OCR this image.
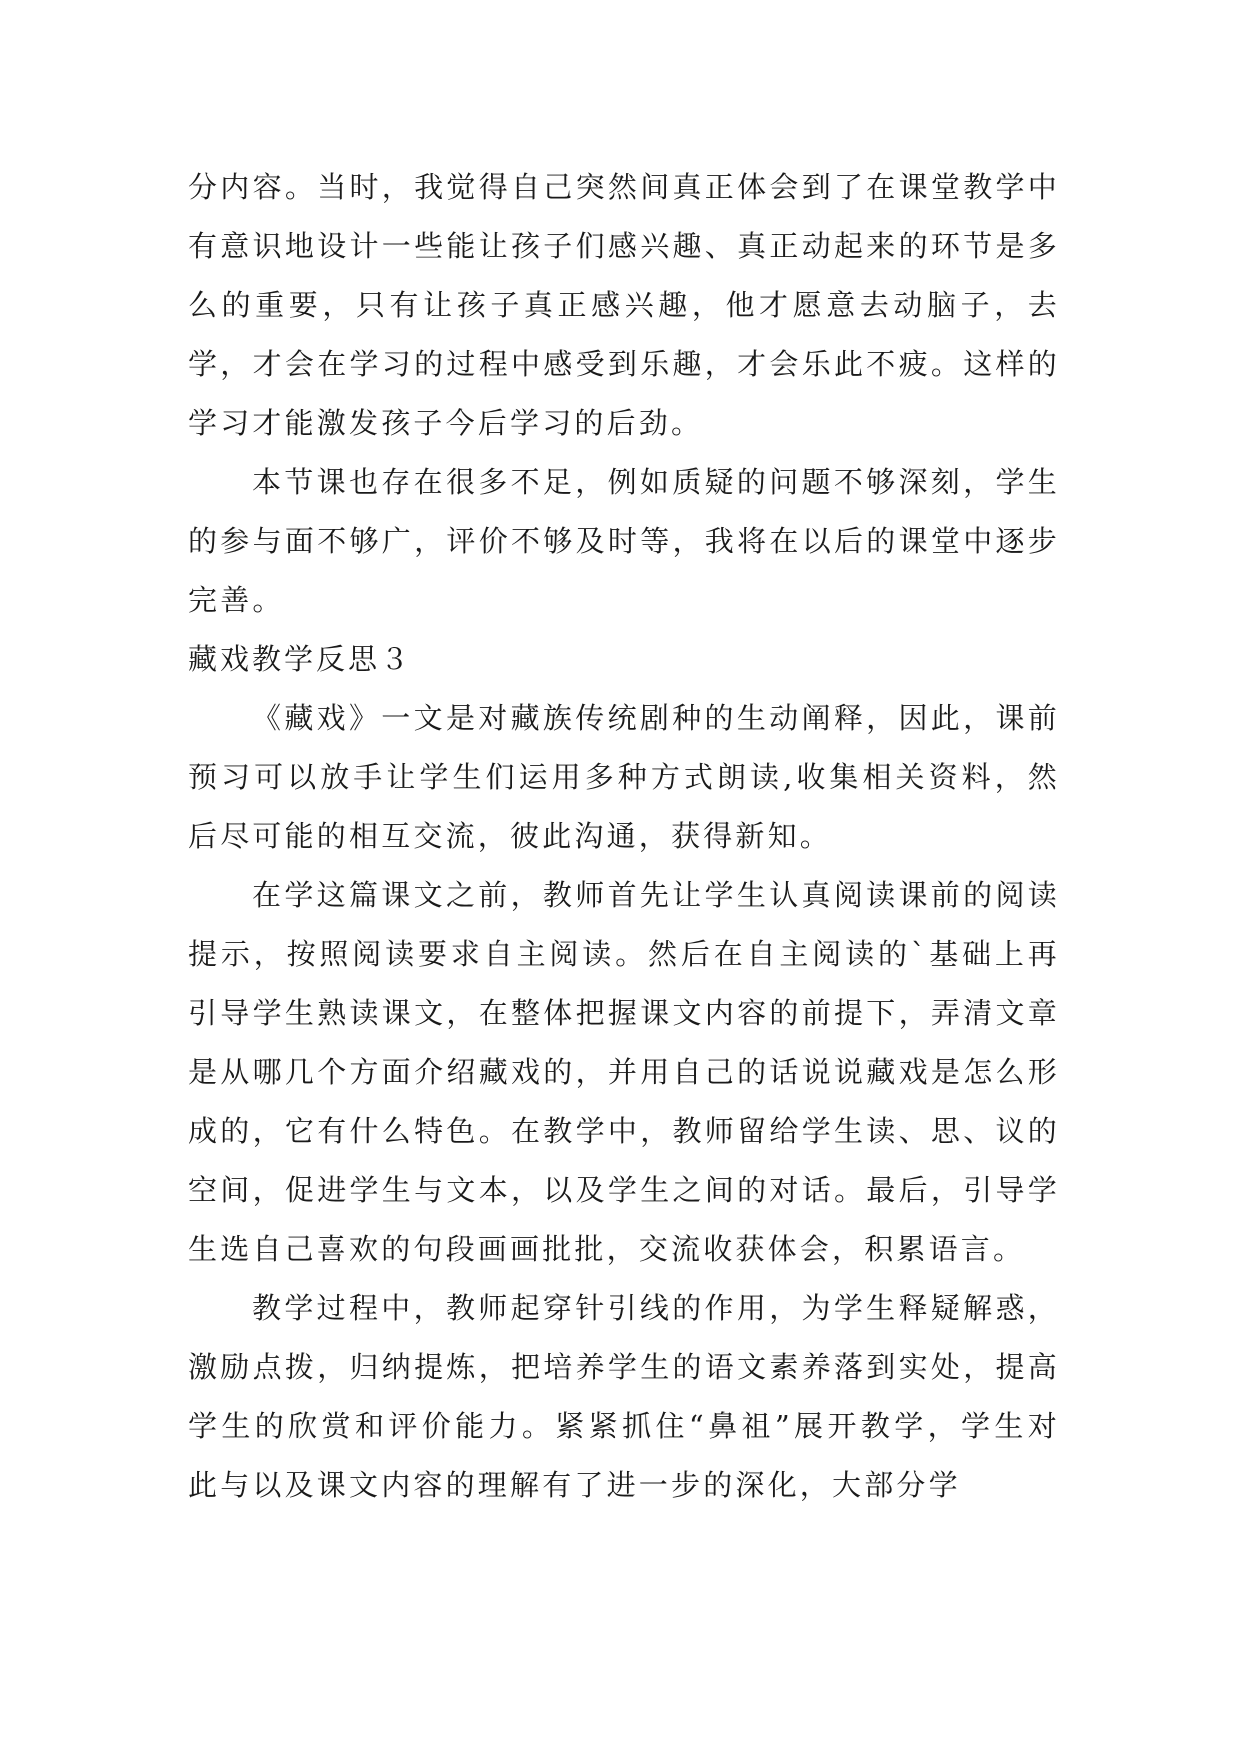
分内容。当时，我觉得自己突然间真正体会到了在课堂教学中有意识地设计一些能让孩子们感兴趣、真正动起来的环节是多么的重要，只有让孩子真正感兴趣，他才愿意去动脑子，去学，才会在学习的过程中感受到乐趣，才会乐此不疲。这样的学习才能激发孩子今后学习的后劲。

本节课也存在很多不足，例如质疑的问题不够深刻，学生的参与面不够广，评价不够及时等，我将在以后的课堂中逐步完善。

藏戏教学反思３

《藏戏》一文是对藏族传统剧种的生动阐释，因此，课前预习可以放手让学生们运用多种方式朗读,收集相关资料，然后尽可能的相互交流，彼此沟通，获得新知。

在学这篇课文之前，教师首先让学生认真阅读课前的阅读提示，按照阅读要求自主阅读。然后在自主阅读的`基础上再引导学生熟读课文，在整体把握课文内容的前提下，弄清文章是从哪几个方面介绍藏戏的，并用自己的话说说藏戏是怎么形成的，它有什么特色。在教学中，教师留给学生读、思、议的空间，促进学生与文本，以及学生之间的对话。最后，引导学生选自己喜欢的句段画画批批，交流收获体会，积累语言。

教学过程中，教师起穿针引线的作用，为学生释疑解惑，激励点拨，归纳提炼，把培养学生的语文素养落到实处，提高学生的欣赏和评价能力。紧紧抓住“鼻祖”展开教学，学生对此与以及课文内容的理解有了进一步的深化，大部分学
